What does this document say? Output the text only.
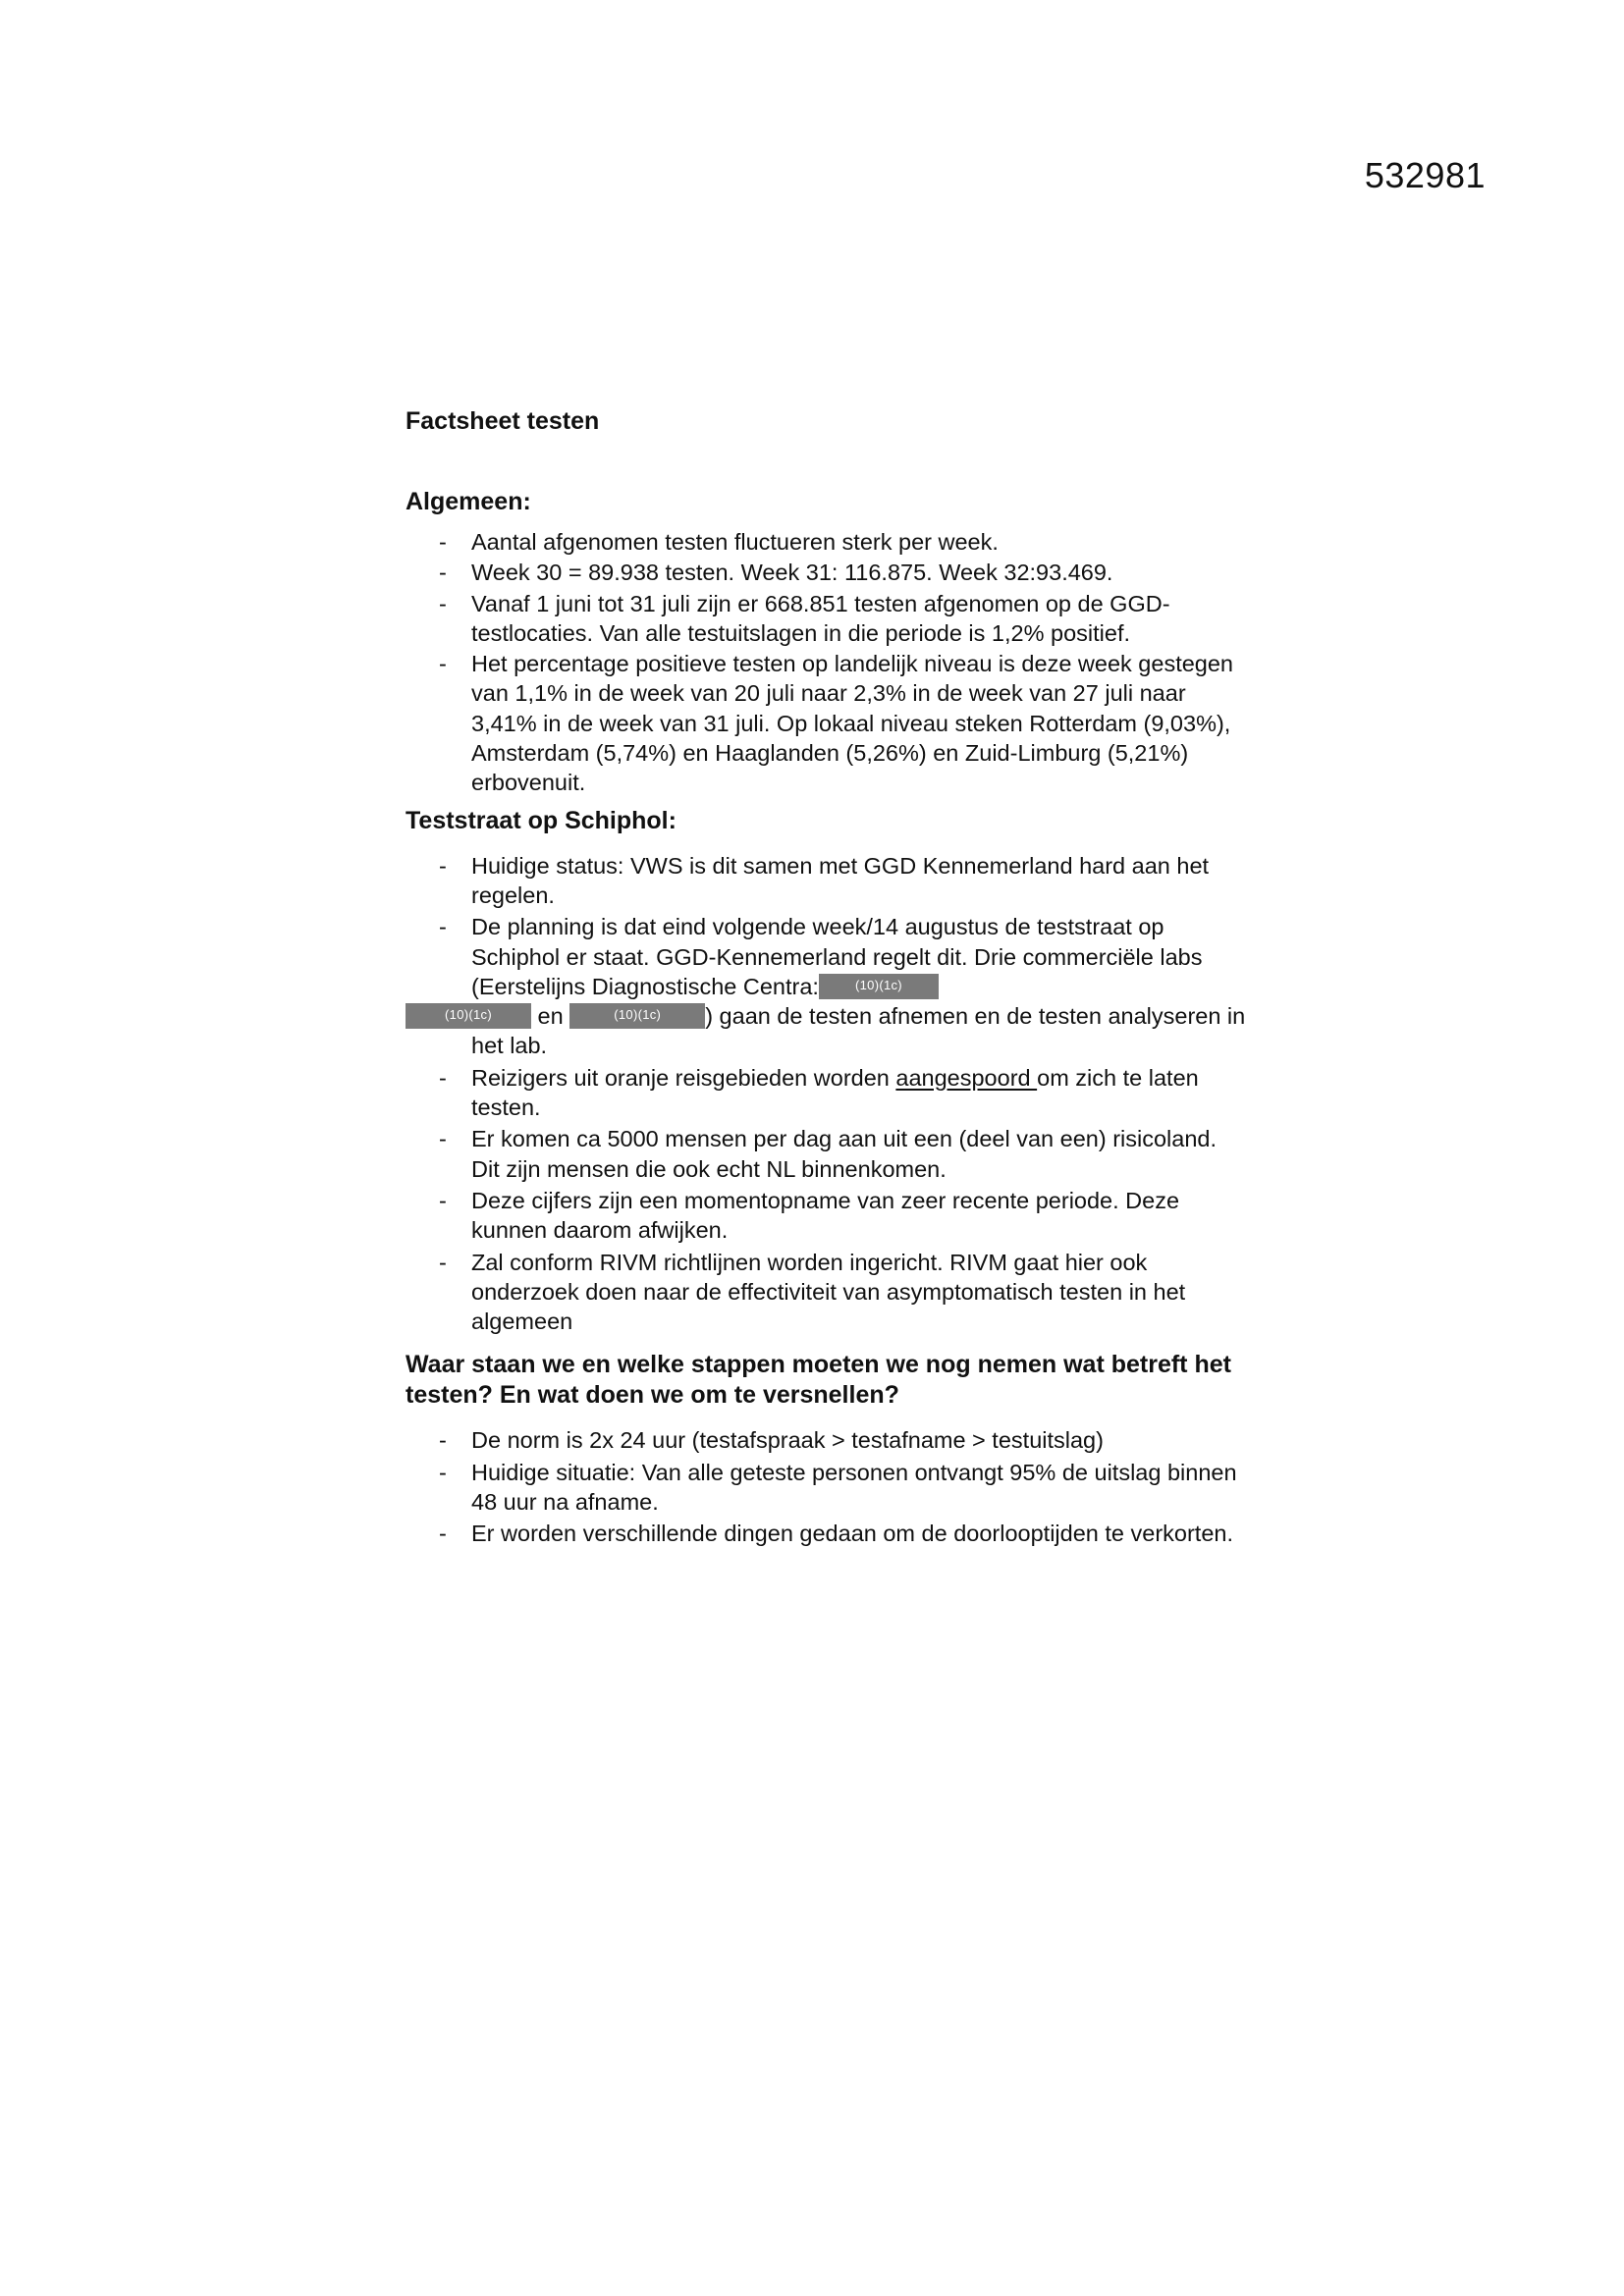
532981
Factsheet testen
Algemeen:
- Aantal afgenomen testen fluctueren sterk per week.
- Week 30 = 89.938 testen. Week 31: 116.875. Week 32:93.469.
- Vanaf 1 juni tot 31 juli zijn er 668.851 testen afgenomen op de GGD-testlocaties. Van alle testuitslagen in die periode is 1,2% positief.
- Het percentage positieve testen op landelijk niveau is deze week gestegen van 1,1% in de week van 20 juli naar 2,3% in de week van 27 juli naar 3,41% in de week van 31 juli. Op lokaal niveau steken Rotterdam (9,03%), Amsterdam (5,74%) en Haaglanden (5,26%) en Zuid-Limburg (5,21%) erbovenuit.
Teststraat op Schiphol:
- Huidige status: VWS is dit samen met GGD Kennemerland hard aan het regelen.
- De planning is dat eind volgende week/14 augustus de teststraat op Schiphol er staat. GGD-Kennemerland regelt dit. Drie commerciële labs (Eerstelijns Diagnostische Centra:	(10)(1c)
(10)(1c) en	(10)(1c) ) gaan de testen afnemen en de testen analyseren in het lab.
- Reizigers uit oranje reisgebieden worden aangespoord om zich te laten testen.
- Er komen ca 5000 mensen per dag aan uit een (deel van een) risicoland. Dit zijn mensen die ook echt NL binnenkomen.
- Deze cijfers zijn een momentopname van zeer recente periode. Deze kunnen daarom afwijken.
- Zal conform RIVM richtlijnen worden ingericht. RIVM gaat hier ook onderzoek doen naar de effectiviteit van asymptomatisch testen in het algemeen
Waar staan we en welke stappen moeten we nog nemen wat betreft het testen? En wat doen we om te versnellen?
- De norm is 2x 24 uur (testafspraak > testafname > testuitslag)
- Huidige situatie: Van alle geteste personen ontvangt 95% de uitslag binnen 48 uur na afname.
- Er worden verschillende dingen gedaan om de doorlooptijden te verkorten.
